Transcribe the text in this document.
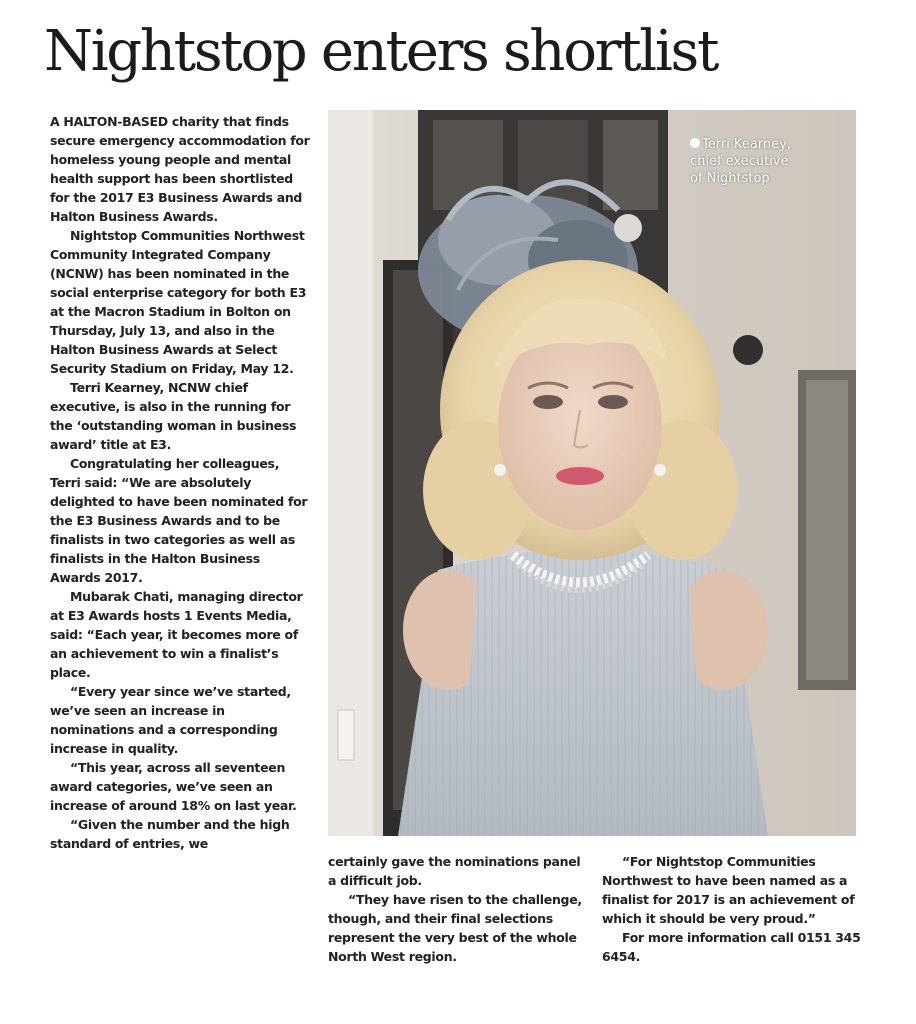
Nightstop enters shortlist

A HALTON-BASED charity that finds secure emergency accommodation for homeless young people and mental health support has been shortlisted for the 2017 E3 Business Awards and Halton Business Awards.

Nightstop Communities Northwest Community Integrated Company (NCNW) has been nominated in the social enterprise category for both E3 at the Macron Stadium in Bolton on Thursday, July 13, and also in the Halton Business Awards at Select Security Stadium on Friday, May 12.

Terri Kearney, NCNW chief executive, is also in the running for the ‘outstanding woman in business award’ title at E3.

Congratulating her colleagues, Terri said: “We are absolutely delighted to have been nominated for the E3 Business Awards and to be finalists in two categories as well as finalists in the Halton Business Awards 2017.

Mubarak Chati, managing director at E3 Awards hosts 1 Events Media, said: “Each year, it becomes more of an achievement to win a finalist’s place.

“Every year since we’ve started, we’ve seen an increase in nominations and a corresponding increase in quality.

“This year, across all seventeen award categories, we’ve seen an increase of around 18% on last year.

“Given the number and the high standard of entries, we

Terri Kearney,
chief executive
of Nightstop

certainly gave the nominations panel a difficult job.

“They have risen to the challenge, though, and their final selections represent the very best of the whole North West region.

“For Nightstop Communities Northwest to have been named as a finalist for 2017 is an achievement of which it should be very proud.”

For more information call 0151 345 6454.
